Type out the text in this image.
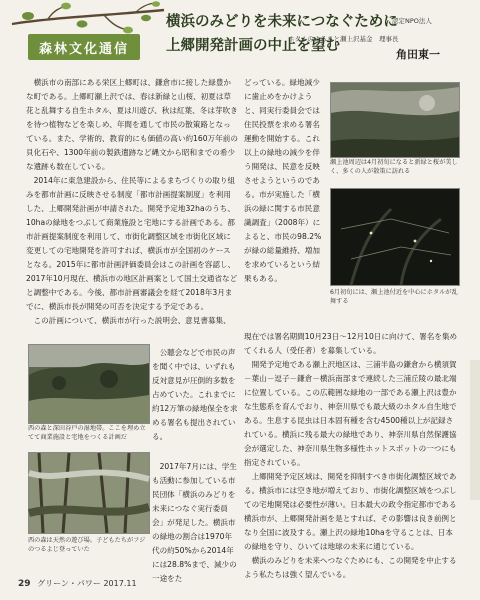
森林文化通信
横浜のみどりを未来につなぐために
上郷開発計画の中止を望む
認定NPO法人
ホタルのふるさと瀬上沢基金　理事長
角田東一

横浜市の南部にある栄区上郷町は、鎌倉市に接した緑豊かな町である。上郷町瀬上沢では、春は新緑と山桜、初夏は草花と乱舞する自生ホタル、夏は川遊び、秋は紅葉、冬は芽吹きを待つ植物などを楽しめ、年間を通して市民の散策路となっている。また、学術的、教育的にも価値の高い約160万年前の貝化石や、1300年前の製鉄遺跡など縄文から昭和までの希少な遺跡も数在している。

2014年に東急建設から、住民等によるまちづくりの取り組みを都市計画に反映させる制度「都市計画提案制度」を利用した、上郷開発計画が申請された。開発予定地32haのうち、10haの緑地をつぶして商業施設と宅地にする計画である。都市計画提案制度を利用して、市街化調整区域を市街化区域に変更しての宅地開発を許可すれば、横浜市が全国初のケースとなる。2015年に都市計画評価委員会はこの計画を容認し、2017年10月現在、横浜市の地区計画案として国土交通省などと調整中である。今後、都市計画審議会を経て2018年3月までに、横浜市長が開発の可否を決定する予定である。

この計画について、横浜市が行った説明会、意見書募集、

西の森と深田谷戸の湿地帯。ここを埋め立てて商業施設と宅地をつくる計画だ
西の森は天然の遊び場。子どもたちがフジのつるよじ登っていた

公聴会などで市民の声を聞く中では、いずれも反対意見が圧倒的多数を占めていた。これまでに約12万筆の緑地保全を求める署名も提出されている。

2017年7月には、学生も活動に参加している市民団体「横浜のみどりを未来につなぐ実行委員会」が発足した。横浜市の緑地の割合は1970年代の約50%から2014年には28.8%まで、減少の一途をた

どっている。緑地減少に歯止めをかけようと、同実行委員会では住民投票を求める署名運動を開始する。これ以上の緑地の減少を伴う開発は、民意を反映させようというのである。市が実施した「横浜の緑に関する市民意識調査」（2008年）によると、市民の98.2%が緑の総量維持、増加を求めているという結果もある。

瀬上池周辺は4月初旬になると新緑と桜が美しく、多くの人が散策に訪れる
6月初旬には、瀬上池付近を中心にホタルが乱舞する

現在では署名期間10月23日〜12月10日に向けて、署名を集めてくれる人（受任者）を募集している。

開発予定地である瀬上沢地区は、三浦半島の鎌倉から横須賀－葉山－逗子－鎌倉－横浜南部まで連続した三浦丘陵の最北端に位置している。この広範囲な緑地の一部である瀬上沢は豊かな生態系を育んでおり、神奈川県でも最大級のホタル自生地である。生息する昆虫は日本固有種を含む4500種以上が記録されている。横浜に残る最大の緑地であり、神奈川県自然保護協会が選定した、神奈川県生物多様性ホットスポットの一つにも指定されている。

上郷開発予定区域は、開発を抑制すべき市街化調整区域である。横浜市には空き地が増えており、市街化調整区域をつぶしての宅地開発は必要性が薄い。日本最大の政令指定都市である横浜市が、上郷開発計画を是とすれば、その影響は良き前例となり全国に波及する。瀬上沢の緑地10haを守ることは、日本の緑地を守り、ひいては地球の未来に通じている。

横浜のみどりを未来へつなぐためにも、この開発を中止するよう私たちは強く望んでいる。

29 グリーン・パワー 2017.11
